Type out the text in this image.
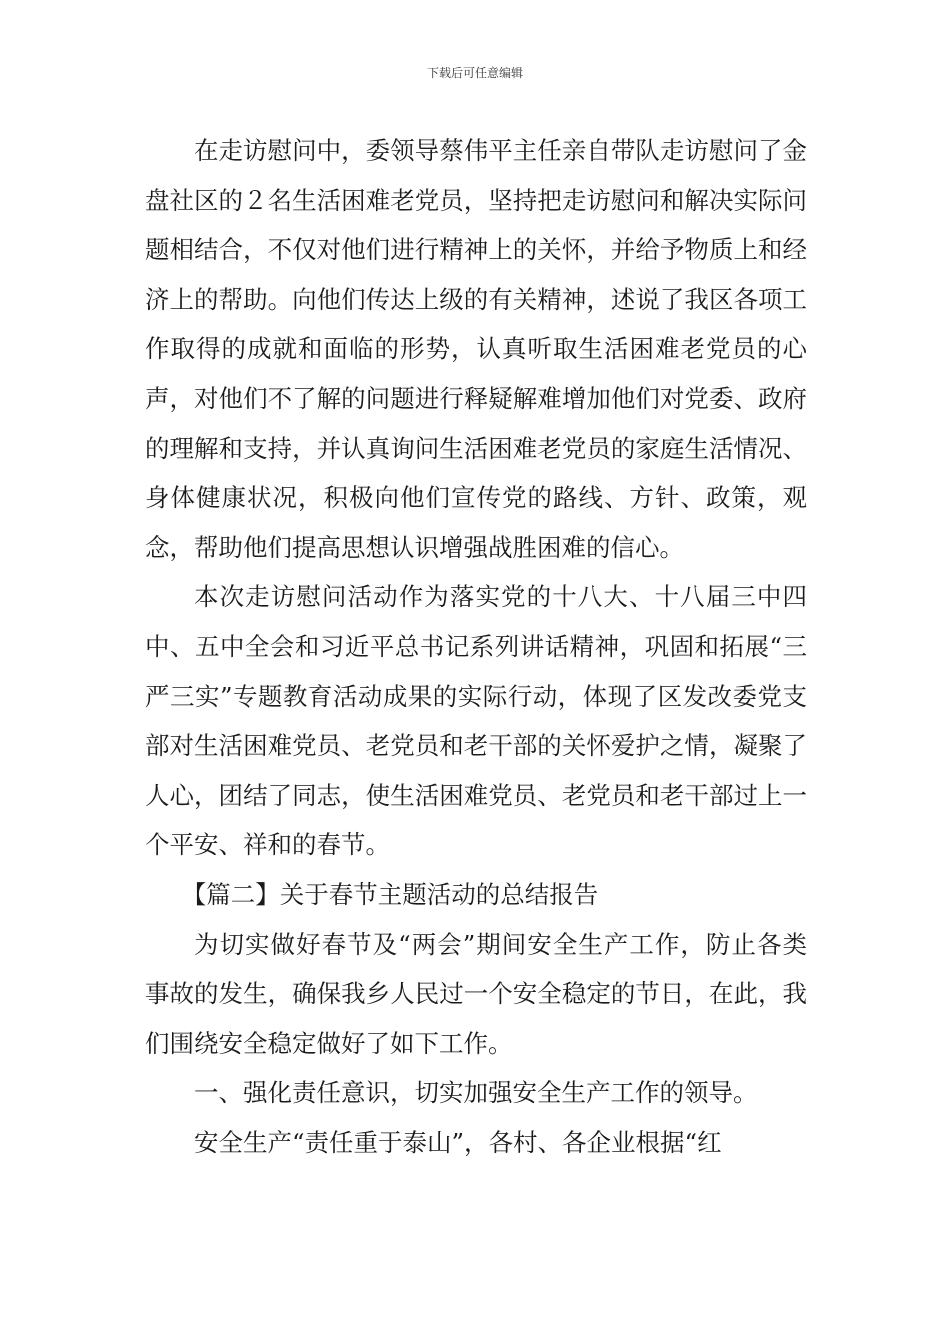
下载后可任意编辑

在走访慰问中，委领导蔡伟平主任亲自带队走访慰问了金盘社区的２名生活困难老党员，坚持把走访慰问和解决实际问题相结合，不仅对他们进行精神上的关怀，并给予物质上和经济上的帮助。向他们传达上级的有关精神，述说了我区各项工作取得的成就和面临的形势，认真听取生活困难老党员的心声，对他们不了解的问题进行释疑解难增加他们对党委、政府的理解和支持，并认真询问生活困难老党员的家庭生活情况、身体健康状况，积极向他们宣传党的路线、方针、政策，观念，帮助他们提高思想认识增强战胜困难的信心。

本次走访慰问活动作为落实党的十八大、十八届三中四中、五中全会和习近平总书记系列讲话精神，巩固和拓展“三严三实”专题教育活动成果的实际行动，体现了区发改委党支部对生活困难党员、老党员和老干部的关怀爱护之情，凝聚了人心，团结了同志，使生活困难党员、老党员和老干部过上一个平安、祥和的春节。

【篇二】关于春节主题活动的总结报告

为切实做好春节及“两会”期间安全生产工作，防止各类事故的发生，确保我乡人民过一个安全稳定的节日，在此，我们围绕安全稳定做好了如下工作。

一、强化责任意识，切实加强安全生产工作的领导。

安全生产“责任重于泰山”，各村、各企业根据“红
